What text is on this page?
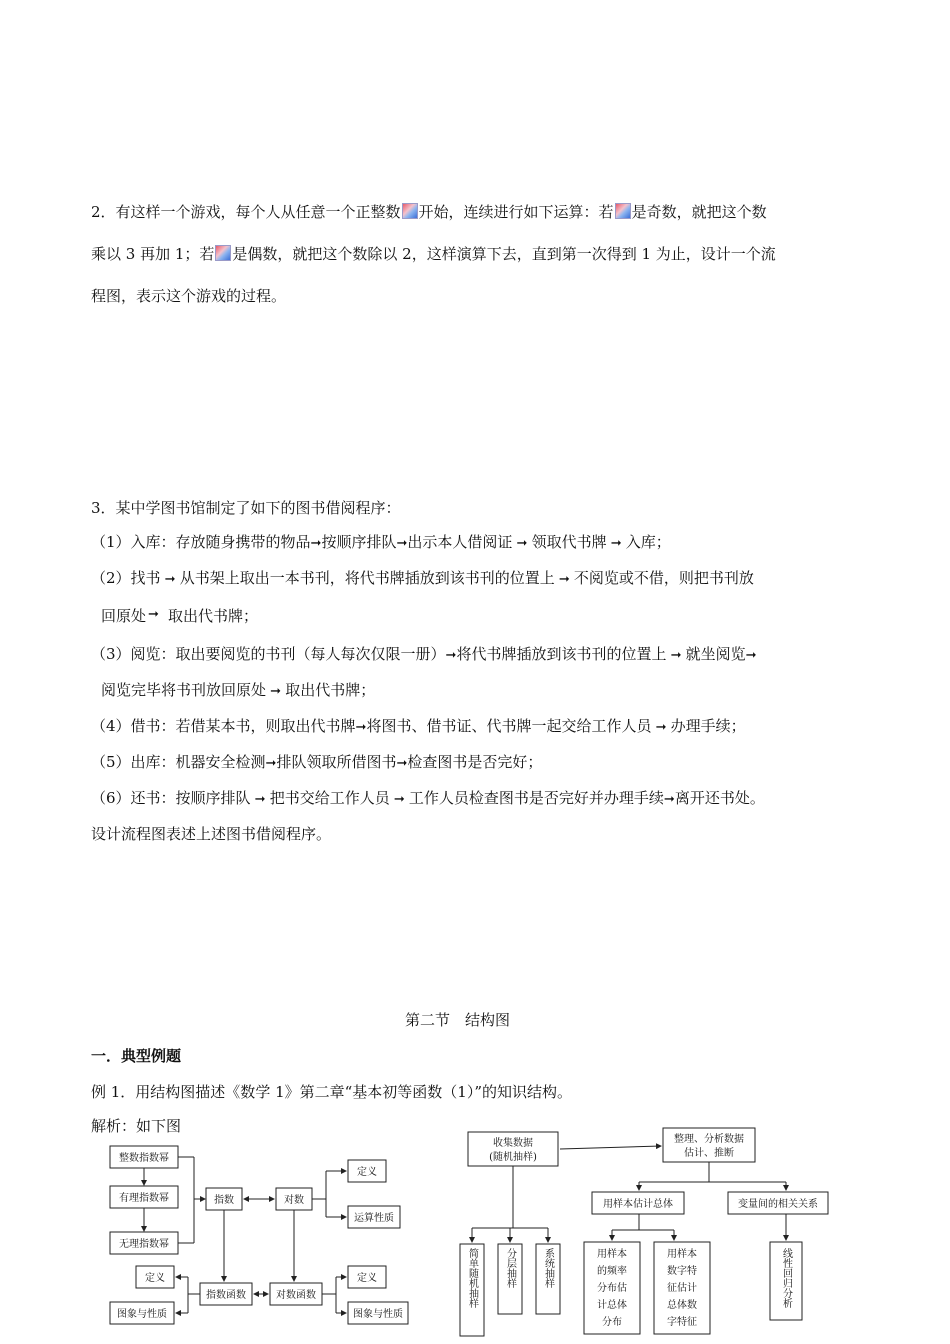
2．有这样一个游戏，每个人从任意一个正整数 开始，连续进行如下运算：若 是奇数，就把这个数
乘以 3 再加 1；若 是偶数，就把这个数除以 2，这样演算下去，直到第一次得到 1 为止，设计一个流
程图，表示这个游戏的过程。
3．某中学图书馆制定了如下的图书借阅程序：
（1）入库：存放随身携带的物品➞按顺序排队➞出示本人借阅证 ➞ 领取代书牌 ➞ 入库；
（2）找书 ➞ 从书架上取出一本书刊，将代书牌插放到该书刊的位置上 ➞ 不阅览或不借，则把书刊放
回原处 ➞ 取出代书牌；
（3）阅览：取出要阅览的书刊（每人每次仅限一册）➞将代书牌插放到该书刊的位置上 ➞ 就坐阅览➞
阅览完毕将书刊放回原处 ➞ 取出代书牌；
（4）借书：若借某本书，则取出代书牌➞将图书、借书证、代书牌一起交给工作人员 ➞ 办理手续；
（5）出库：机器安全检测➞排队领取所借图书➞检查图书是否完好；
（6）还书：按顺序排队 ➞ 把书交给工作人员 ➞ 工作人员检查图书是否完好并办理手续➞离开还书处。
设计流程图表述上述图书借阅程序。
第二节　结构图
一．典型例题
例 1．用结构图描述《数学 1》第二章“基本初等函数（1）”的知识结构。
解析：如下图
整数指数幂
有理指数幂
无理指数幂
指数	对数
定义
运算性质
指数函数	对数函数
定义
图象与性质
定义
图象与性质
收集数据
(随机抽样)
整理、分析数据
估计、推断
用样本估计总体	变量间的相关关系
用样本
的频率
分布估
计总体
分布
用样本
数字特
征估计
总体数
字特征
简单随机抽样	分层抽样	系统抽样	线性回归分析
